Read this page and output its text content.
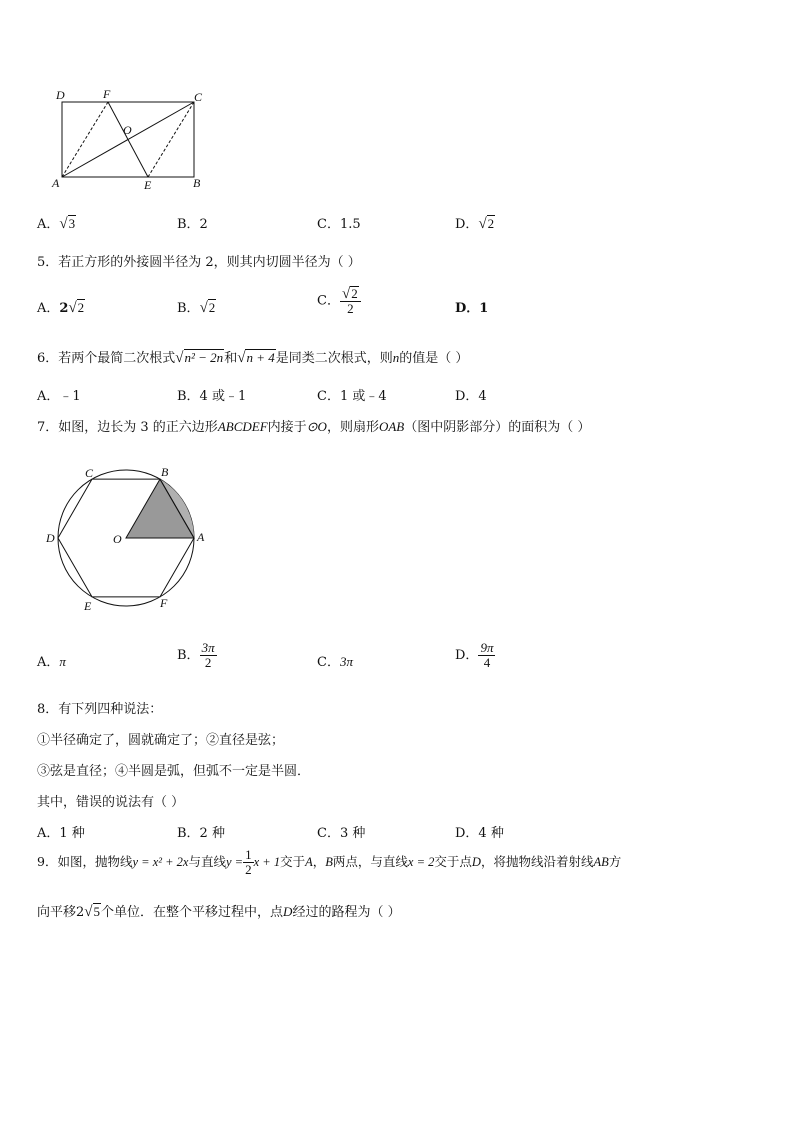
D	F	C
O
A	E	B
A．√3	B．2	C．1.5	D．√2
5．若正方形的外接圆半径为 2，则其内切圆半径为（ ）
A．2√2	B．√2	C． $\frac{√2}{2}$	D．1
6．若两个最简二次根式√n² − 2n和√n + 4是同类二次根式，则n的值是（ ）
A．﹣1	B．4 或﹣1	C．1 或﹣4	D．4
7．如图，边长为 3 的正六边形ABCDEF内接于⊙O，则扇形OAB（图中阴影部分）的面积为（ ）
C	B
D	O	A
E	F
A．π	B． $\frac{3\pi}{2}$	C．3π	D． $\frac{9\pi}{4}$
8．有下列四种说法：
①半径确定了，圆就确定了；②直径是弦；
③弦是直径；④半圆是弧，但弧不一定是半圆．
其中，错误的说法有（ ）
A．1 种	B．2 种	C．3 种	D．4 种
9．如图，抛物线y = x² + 2x与直线$y = \frac{1}{2}$ x + 1交于A，B两点，与直线x = 2交于点D，将抛物线沿着射线AB方
向平移2√5个单位．在整个平移过程中，点D经过的路程为（ ）
